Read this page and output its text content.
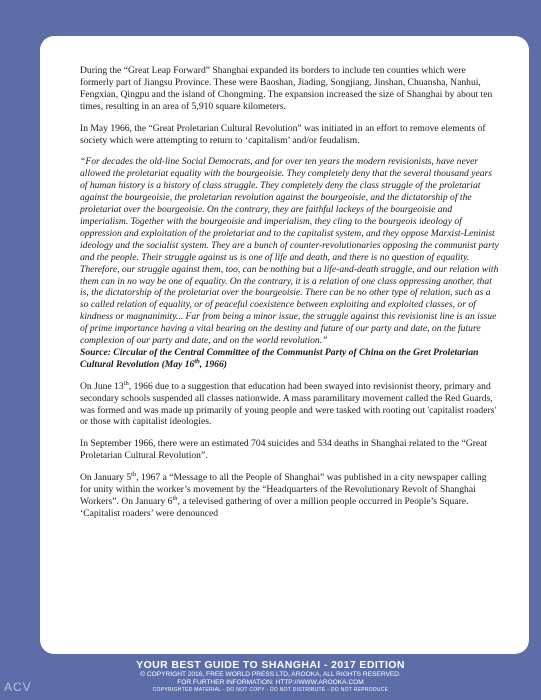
During the “Great Leap Forward” Shanghai expanded its borders to include ten counties which were formerly part of Jiangsu Province. These were Baoshan, Jiading, Songjiang, Jinshan, Chuansha, Nanhui, Fengxian, Qingpu and the island of Chongming. The expansion increased the size of Shanghai by about ten times, resulting in an area of 5,910 square kilometers.

In May 1966, the “Great Proletarian Cultural Revolution” was initiated in an effort to remove elements of society which were attempting to return to ‘capitalism’ and/or feudalism.

“For decades the old-line Social Democrats, and for over ten years the modern revisionists, have never allowed the proletariat equality with the bourgeoisie. They completely deny that the several thousand years of human history is a history of class struggle. They completely deny the class struggle of the proletariat against the bourgeoisie, the proletarian revolution against the bourgeoisie, and the dictatorship of the proletariat over the bourgeoisie. On the contrary, they are faithful lackeys of the bourgeoisie and imperialism. Together with the bourgeoisie and imperialism, they cling to the bourgeois ideology of oppression and exploitation of the proletariat and to the capitalist system, and they oppose Marxist-Leninist ideology and the socialist system. They are a bunch of counter-revolutionaries opposing the communist party and the people. Their struggle against us is one of life and death, and there is no question of equality. Therefore, our struggle against them, too, can be nothing but a life-and-death struggle, and our relation with them can in no way be one of equality. On the contrary, it is a relation of one class oppressing another, that is, the dictatorship of the proletariat over the bourgeoisie. There can be no other type of relation, such as a so called relation of equality, or of peaceful coexistence between exploiting and exploited classes, or of kindness or magnanimity... Far from being a minor issue, the struggle against this revisionist line is an issue of prime importance having a vital bearing on the destiny and future of our party and date, on the future complexion of our party and date, and on the world revolution.”

Source: Circular of the Central Committee of the Communist Party of China on the Gret Proletarian Cultural Revolution (May 16th, 1966)

On June 13th, 1966 due to a suggestion that education had been swayed into revisionist theory, primary and secondary schools suspended all classes nationwide. A mass paramilitary movement called the Red Guards, was formed and was made up primarily of young people and were tasked with rooting out 'capitalist roaders' or those with capitalist ideologies.

In September 1966, there were an estimated 704 suicides and 534 deaths in Shanghai related to the “Great Proletarian Cultural Revolution”.

On January 5th, 1967 a “Message to all the People of Shanghai” was published in a city newspaper calling for unity within the worker’s movement by the “Headquarters of the Revolutionary Revolt of Shanghai Workers”. On January 6th, a televised gathering of over a million people occurred in People’s Square. ‘Capitalist roaders’ were denounced

YOUR BEST GUIDE TO SHANGHAI - 2017 EDITION
© COPYRIGHT 2016, FREE WORLD PRESS LTD, AROOKA, ALL RIGHTS RESERVED.
FOR FURTHER INFORMATION: HTTP://WWW.AROOKA.COM
COPYRIGHTED MATERIAL - DO NOT COPY - DO NOT DISTRIBUTE - DO NOT REPRODUCE
ACV
